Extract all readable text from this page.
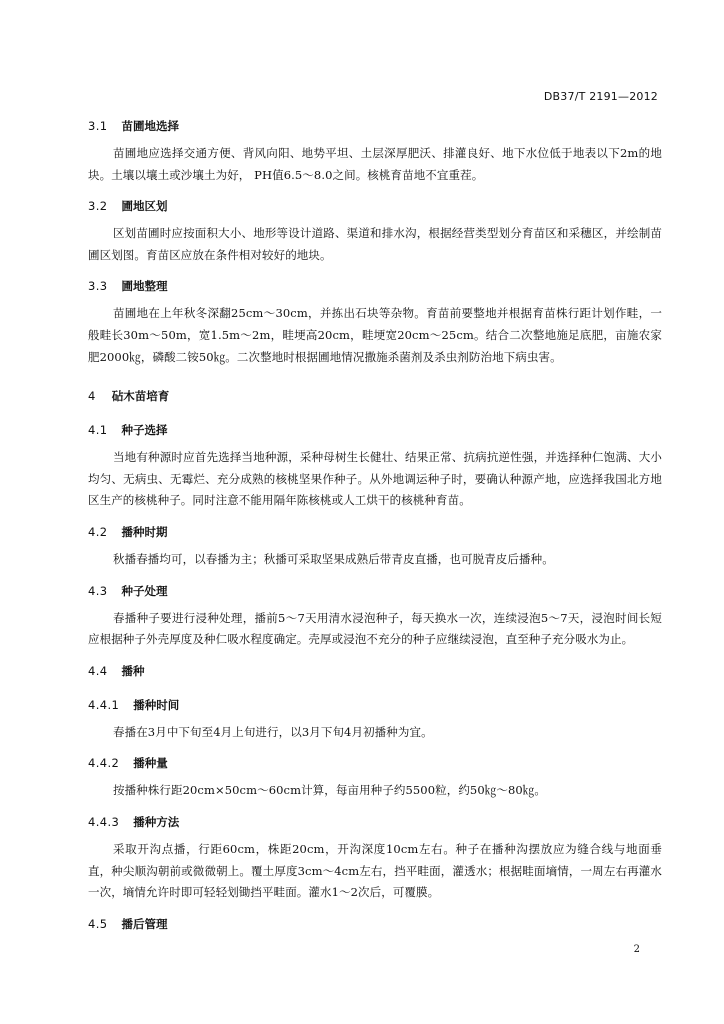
DB37/T 2191—2012
3.1 苗圃地选择

苗圃地应选择交通方便、背风向阳、地势平坦、土层深厚肥沃、排灌良好、地下水位低于地表以下2m的地块。土壤以壤土或沙壤土为好， PH值6.5～8.0之间。核桃育苗地不宜重茬。

3.2 圃地区划

区划苗圃时应按面积大小、地形等设计道路、渠道和排水沟，根据经营类型划分育苗区和采穗区，并绘制苗圃区划图。育苗区应放在条件相对较好的地块。

3.3 圃地整理

苗圃地在上年秋冬深翻25cm～30cm，并拣出石块等杂物。育苗前要整地并根据育苗株行距计划作畦，一般畦长30m～50m，宽1.5m～2m，畦埂高20cm，畦埂宽20cm～25cm。结合二次整地施足底肥，亩施农家肥2000㎏，磷酸二铵50㎏。二次整地时根据圃地情况撒施杀菌剂及杀虫剂防治地下病虫害。

4 砧木苗培育
4.1 种子选择

当地有种源时应首先选择当地种源，采种母树生长健壮、结果正常、抗病抗逆性强，并选择种仁饱满、大小均匀、无病虫、无霉烂、充分成熟的核桃坚果作种子。从外地调运种子时，要确认种源产地，应选择我国北方地区生产的核桃种子。同时注意不能用隔年陈核桃或人工烘干的核桃种育苗。

4.2 播种时期

秋播春播均可，以春播为主；秋播可采取坚果成熟后带青皮直播，也可脱青皮后播种。

4.3 种子处理

春播种子要进行浸种处理，播前5～7天用清水浸泡种子，每天换水一次，连续浸泡5～7天，浸泡时间长短应根据种子外壳厚度及种仁吸水程度确定。壳厚或浸泡不充分的种子应继续浸泡，直至种子充分吸水为止。

4.4 播种
4.4.1 播种时间

春播在3月中下旬至4月上旬进行，以3月下旬4月初播种为宜。

4.4.2 播种量

按播种株行距20cm×50cm～60cm计算，每亩用种子约5500粒，约50㎏～80㎏。

4.4.3 播种方法

采取开沟点播，行距60cm，株距20cm，开沟深度10cm左右。种子在播种沟摆放应为缝合线与地面垂直，种尖顺沟朝前或微微朝上。覆土厚度3cm～4cm左右，挡平畦面，灌透水；根据畦面墒情，一周左右再灌水一次，墒情允许时即可轻轻划锄挡平畦面。灌水1～2次后，可覆膜。

4.5 播后管理
2
